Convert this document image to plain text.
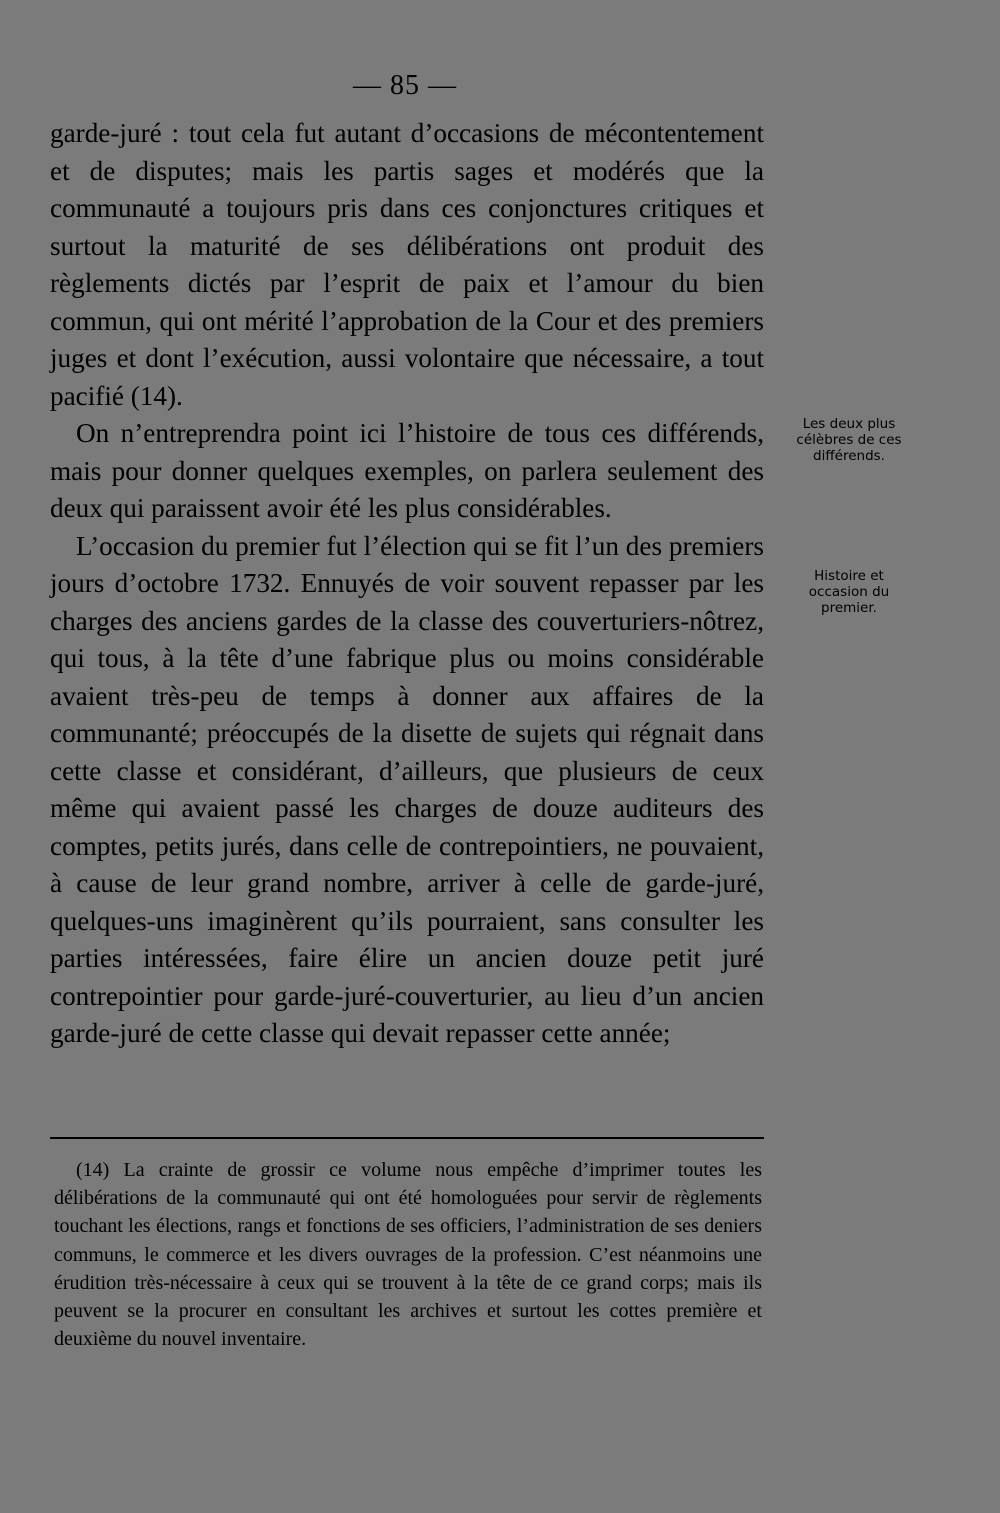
— 85 —

garde-juré : tout cela fut autant d’occasions de mécontentement et de disputes; mais les partis sages et modérés que la communauté a toujours pris dans ces conjonctures critiques et surtout la maturité de ses délibérations ont produit des règlements dictés par l’esprit de paix et l’amour du bien commun, qui ont mérité l’approbation de la Cour et des premiers juges et dont l’exécution, aussi volontaire que nécessaire, a tout pacifié (14).

On n’entreprendra point ici l’histoire de tous ces différends, mais pour donner quelques exemples, on parlera seulement des deux qui paraissent avoir été les plus considérables.

L’occasion du premier fut l’élection qui se fit l’un des premiers jours d’octobre 1732. Ennuyés de voir souvent repasser par les charges des anciens gardes de la classe des couverturiers-nôtrez, qui tous, à la tête d’une fabrique plus ou moins considérable avaient très-peu de temps à donner aux affaires de la communanté; préoccupés de la disette de sujets qui régnait dans cette classe et considérant, d’ailleurs, que plusieurs de ceux même qui avaient passé les charges de douze auditeurs des comptes, petits jurés, dans celle de contrepointiers, ne pouvaient, à cause de leur grand nombre, arriver à celle de garde-juré, quelques-uns imaginèrent qu’ils pourraient, sans consulter les parties intéressées, faire élire un ancien douze petit juré contrepointier pour garde-juré-couverturier, au lieu d’un ancien garde-juré de cette classe qui devait repasser cette année;

Les deux plus célèbres de ces différends.
Histoire et occasion du premier.

(14) La crainte de grossir ce volume nous empêche d’imprimer toutes les délibérations de la communauté qui ont été homologuées pour servir de règlements touchant les élections, rangs et fonctions de ses officiers, l’administration de ses deniers communs, le commerce et les divers ouvrages de la profession. C’est néanmoins une érudition très-nécessaire à ceux qui se trouvent à la tête de ce grand corps; mais ils peuvent se la procurer en consultant les archives et surtout les cottes première et deuxième du nouvel inventaire.
